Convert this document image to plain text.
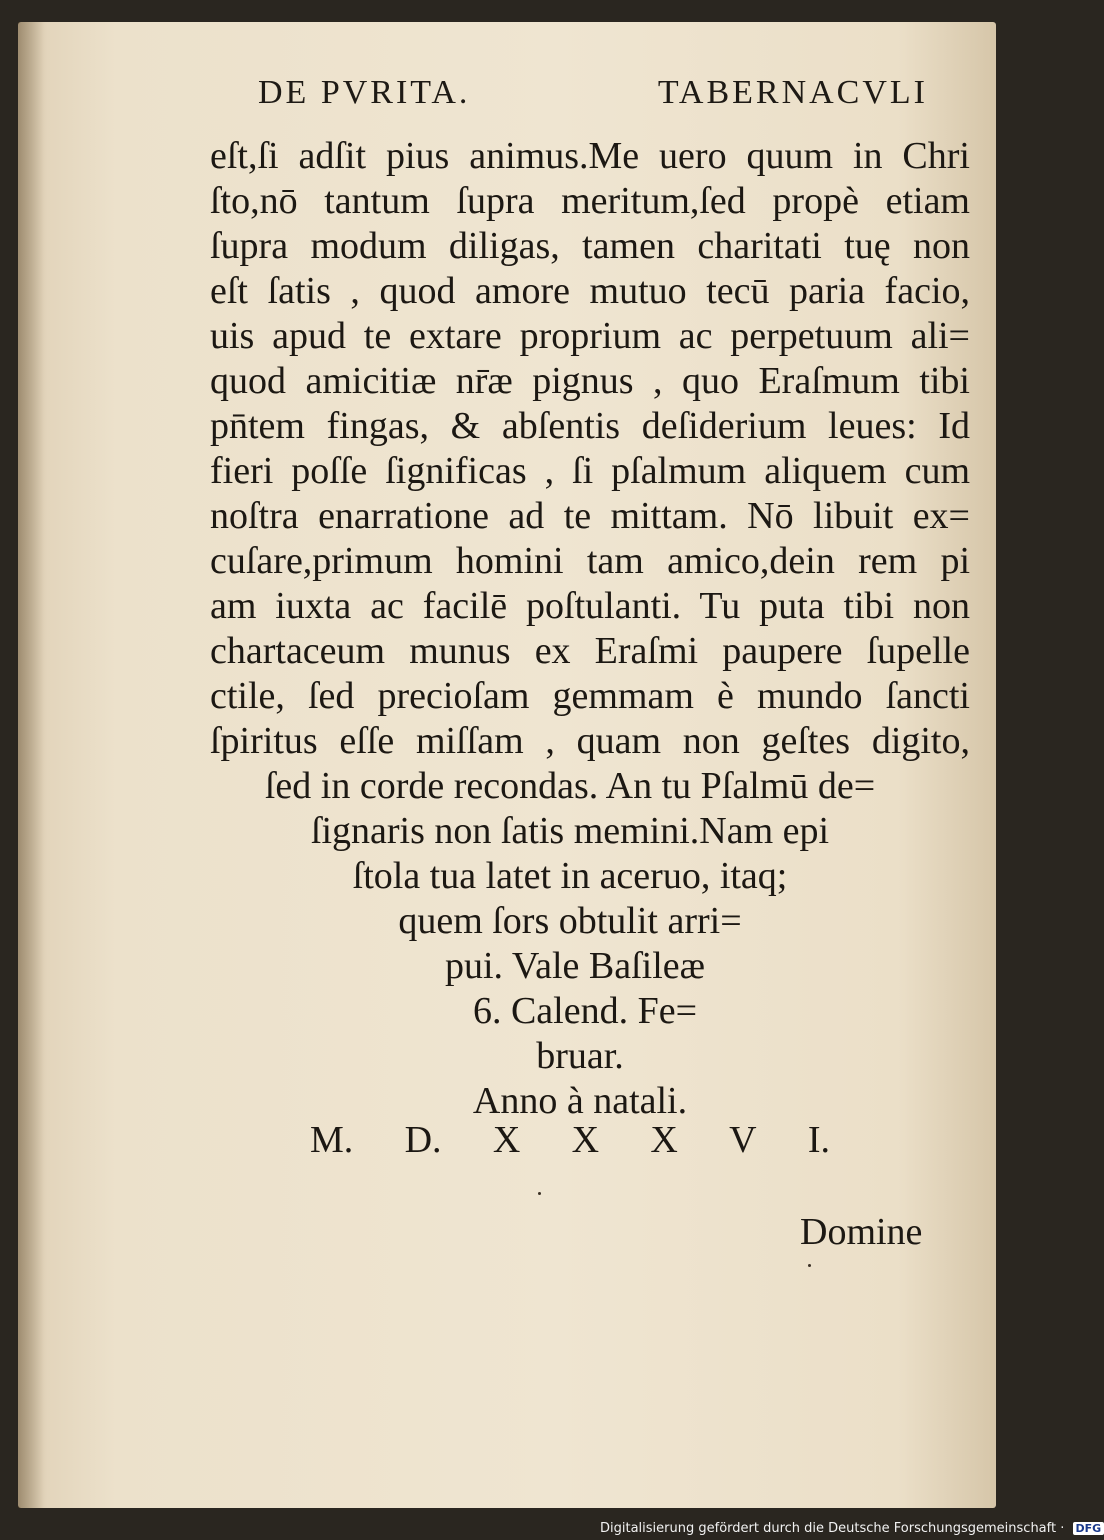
DE PVRITA.	TABERNACVLI
eſt,ſi adſit pius animus.Me uero quum in Chri
ſto,nō tantum ſupra meritum,ſed propè etiam
ſupra modum diligas, tamen charitati tuę non
eſt ſatis , quod amore mutuo tecū paria facio,
uis apud te extare proprium ac perpetuum ali=
quod amicitiæ nr̄æ pignus , quo Eraſmum tibi
pn̄tem fingas, & abſentis deſiderium leues: Id
fieri poſſe ſignificas , ſi pſalmum aliquem cum
noſtra enarratione ad te mittam. Nō libuit ex=
cuſare,primum homini tam amico,dein rem pi
am iuxta ac facilē poſtulanti. Tu puta tibi non
chartaceum munus ex Eraſmi paupere ſupelle
ctile, ſed precioſam gemmam è mundo ſancti
ſpiritus eſſe miſſam , quam non geſtes digito,
ſed in corde recondas. An tu Pſalmū de=
ſignaris non ſatis memini.Nam epi
ſtola tua latet in aceruo, itaq;
quem ſors obtulit arri=
pui. Vale Baſileæ
6. Calend. Fe=
bruar.
Anno à natali.
M. D. X X X V I.
Domine
Digitalisierung gefördert durch die Deutsche Forschungsgemeinschaft · DFG
